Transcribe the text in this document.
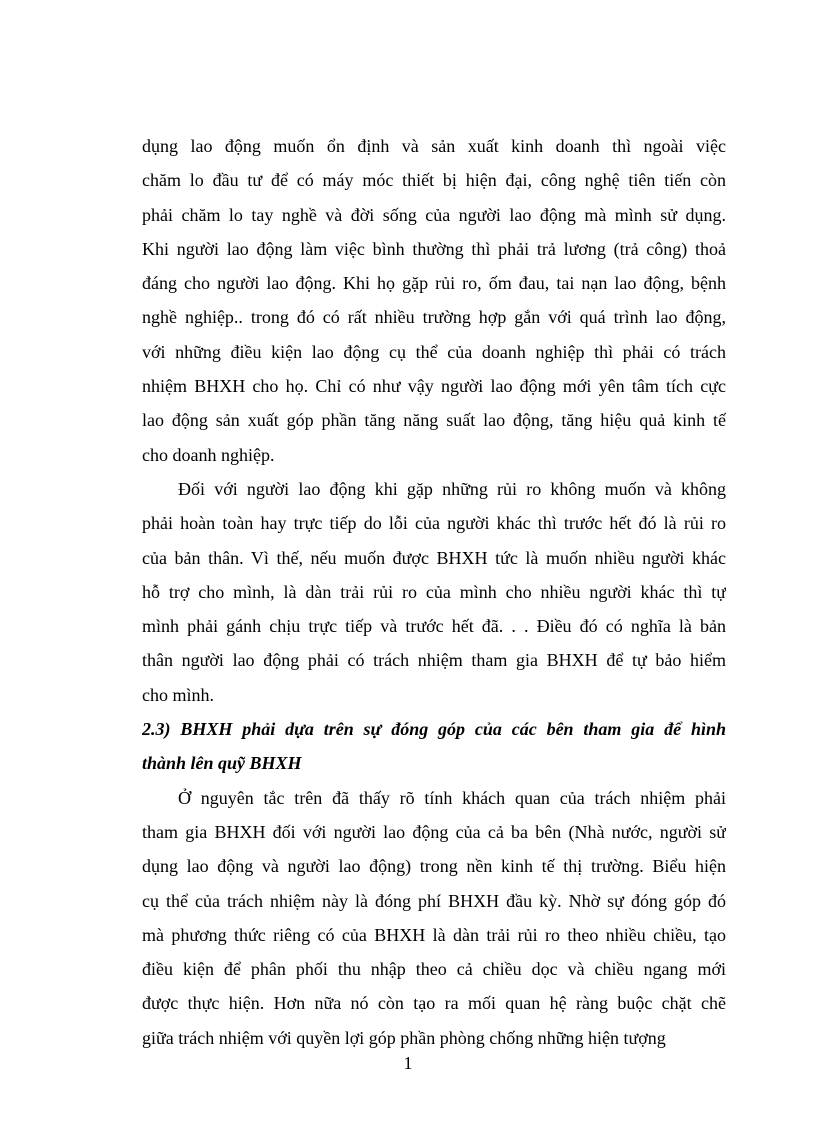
dụng lao động muốn ổn định và sản xuất kinh doanh thì ngoài việc
chăm lo đầu tư để có máy móc thiết bị hiện đại, công nghệ tiên tiến còn
phải chăm lo tay nghề và đời sống của người lao động mà mình sử dụng.
Khi người lao động làm việc bình thường thì phải trả lương (trả công) thoả
đáng cho người lao động. Khi họ gặp rủi ro, ốm đau, tai nạn lao động, bệnh
nghề nghiệp.. trong đó có rất nhiều trường hợp gắn với quá trình lao động,
với những điều kiện lao động cụ thể của doanh nghiệp thì phải có trách
nhiệm BHXH cho họ. Chỉ có như vậy người lao động mới yên tâm tích cực
lao động sản xuất góp phần tăng năng suất lao động, tăng hiệu quả kinh tế
cho doanh nghiệp.
Đối với người lao động khi gặp những rủi ro không muốn và không
phải hoàn toàn hay trực tiếp do lỗi của người khác thì trước hết đó là rủi ro
của bản thân. Vì thế, nếu muốn được BHXH tức là muốn nhiều người khác
hỗ trợ cho mình, là dàn trải rủi ro của mình cho nhiều người khác thì tự
mình phải gánh chịu trực tiếp và trước hết đã. . . Điều đó có nghĩa là bản
thân người lao động phải có trách nhiệm tham gia BHXH để tự bảo hiểm
cho mình.
2.3) BHXH phải dựa trên sự đóng góp của các bên tham gia để hình
thành lên quỹ BHXH
Ở nguyên tắc trên đã thấy rõ tính khách quan của trách nhiệm phải
tham gia BHXH đối với người lao động của cả ba bên (Nhà nước, người sử
dụng lao động và người lao động) trong nền kinh tế thị trường. Biểu hiện
cụ thể của trách nhiệm này là đóng phí BHXH đầu kỳ. Nhờ sự đóng góp đó
mà phương thức riêng có của BHXH là dàn trải rủi ro theo nhiều chiều, tạo
điều kiện để phân phối thu nhập theo cả chiều dọc và chiều ngang mới
được thực hiện. Hơn nữa nó còn tạo ra mối quan hệ ràng buộc chặt chẽ
giữa trách nhiệm với quyền lợi góp phần phòng chống những hiện tượng
1
